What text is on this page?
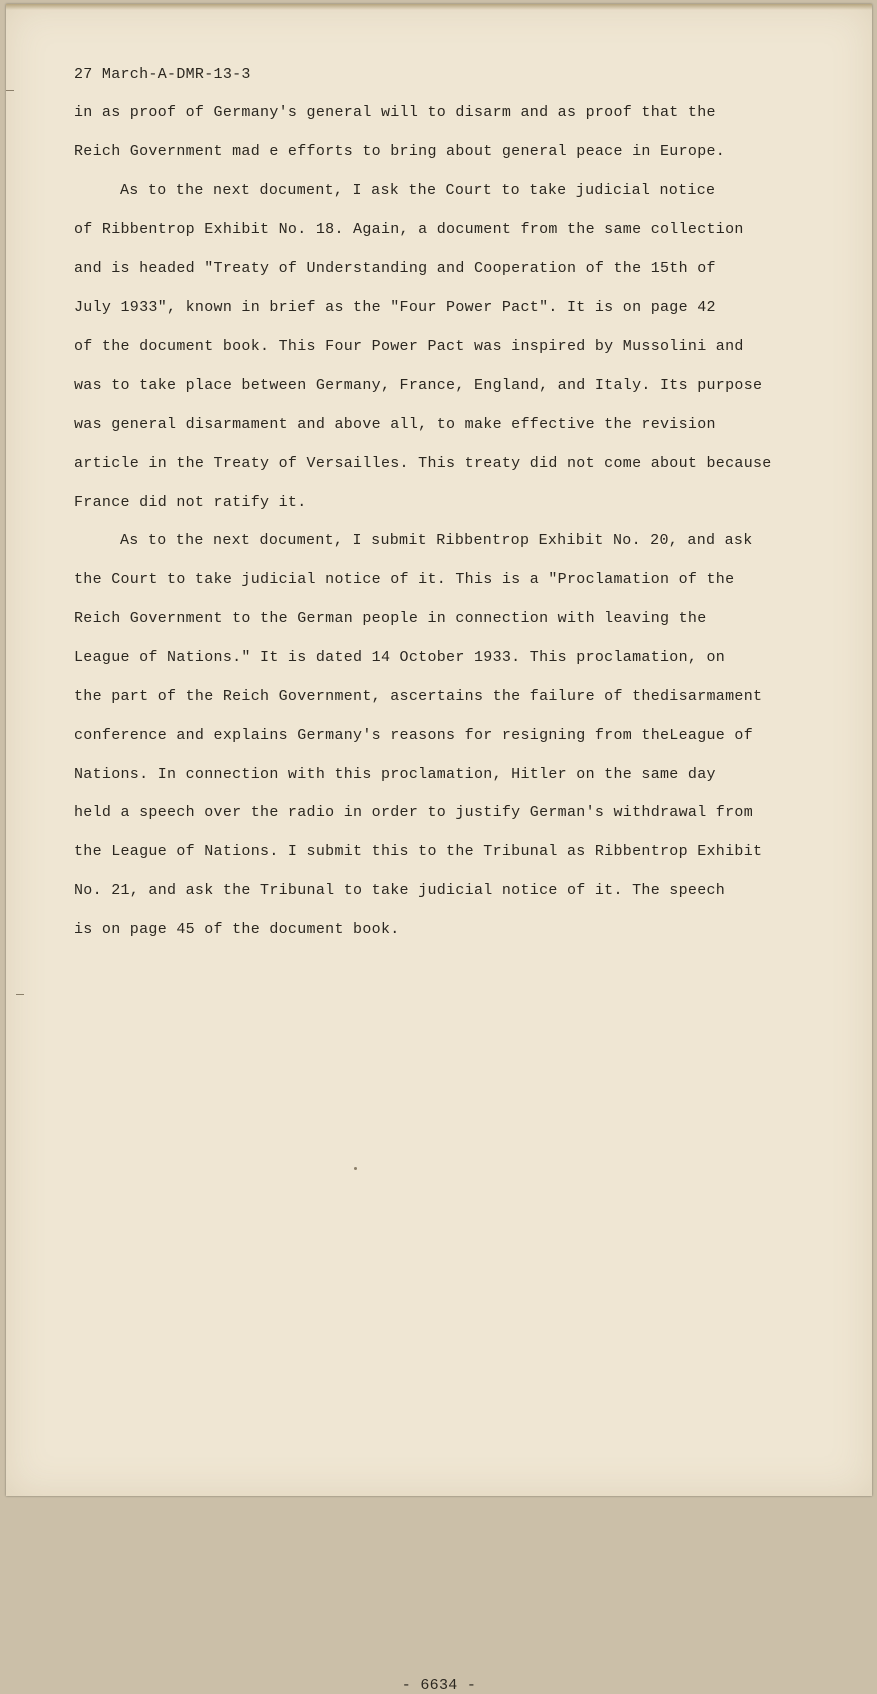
27 March-A-DMR-13-3
in as proof of Germany's general will to disarm and as proof that the
Reich Government mad e efforts to bring about general peace in Europe.
As to the next document, I ask the Court to take judicial notice
of Ribbentrop Exhibit No. 18. Again, a document from the same collection
and is headed "Treaty of Understanding and Cooperation of the 15th of
July 1933", known in brief as the "Four Power Pact". It is on page 42
of the document book. This Four Power Pact was inspired by Mussolini and
was to take place between Germany, France, England, and Italy. Its purpose
was general disarmament and above all, to make effective the revision
article in the Treaty of Versailles. This treaty did not come about because
France did not ratify it.
As to the next document, I submit Ribbentrop Exhibit No. 20, and ask
the Court to take judicial notice of it. This is a "Proclamation of the
Reich Government to the German people in connection with leaving the
League of Nations." It is dated 14 October 1933. This proclamation, on
the part of the Reich Government, ascertains the failure of thedisarmament
conference and explains Germany's reasons for resigning from theLeague of
Nations. In connection with this proclamation, Hitler on the same day
held a speech over the radio in order to justify German's withdrawal from
the League of Nations. I submit this to the Tribunal as Ribbentrop Exhibit
No. 21, and ask the Tribunal to take judicial notice of it. The speech
is on page 45 of the document book.
- 6634 -
